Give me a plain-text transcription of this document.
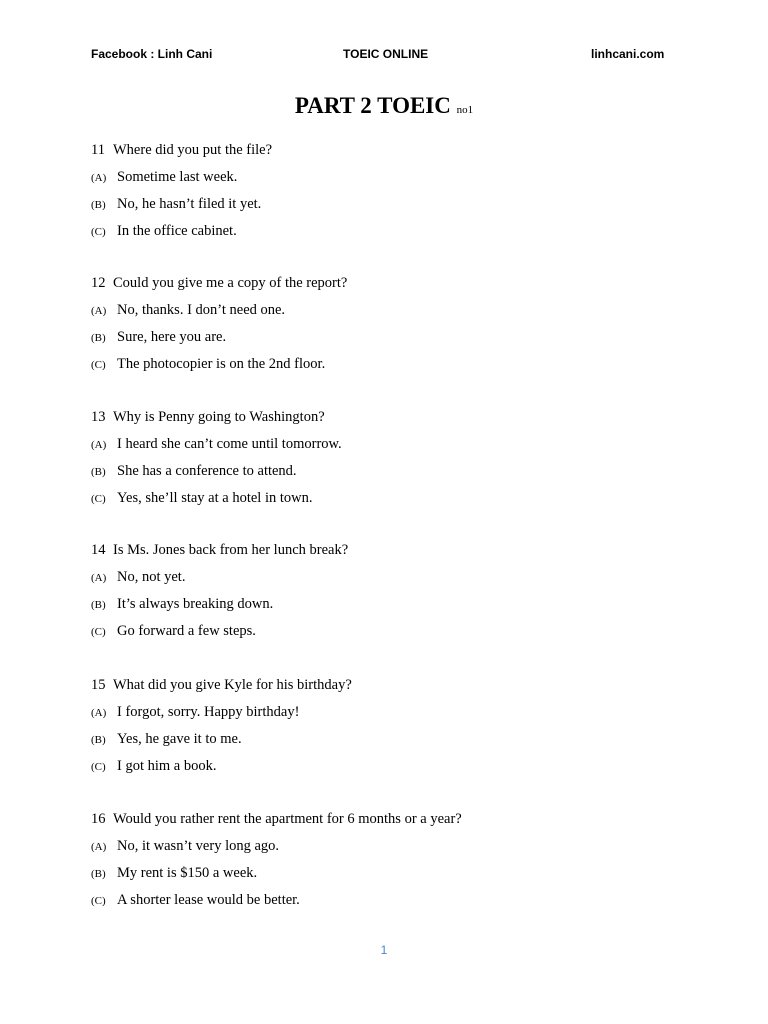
Facebook : Linh Cani	TOEIC ONLINE	linhcani.com
PART 2 TOEIC no1
11 Where did you put the file?
(A) Sometime last week.
(B) No, he hasn’t filed it yet.
(C) In the office cabinet.
12 Could you give me a copy of the report?
(A) No, thanks. I don’t need one.
(B) Sure, here you are.
(C) The photocopier is on the 2nd floor.
13 Why is Penny going to Washington?
(A) I heard she can’t come until tomorrow.
(B) She has a conference to attend.
(C) Yes, she’ll stay at a hotel in town.
14 Is Ms. Jones back from her lunch break?
(A) No, not yet.
(B) It’s always breaking down.
(C) Go forward a few steps.
15 What did you give Kyle for his birthday?
(A) I forgot, sorry. Happy birthday!
(B) Yes, he gave it to me.
(C) I got him a book.
16 Would you rather rent the apartment for 6 months or a year?
(A) No, it wasn’t very long ago.
(B) My rent is $150 a week.
(C) A shorter lease would be better.
1
